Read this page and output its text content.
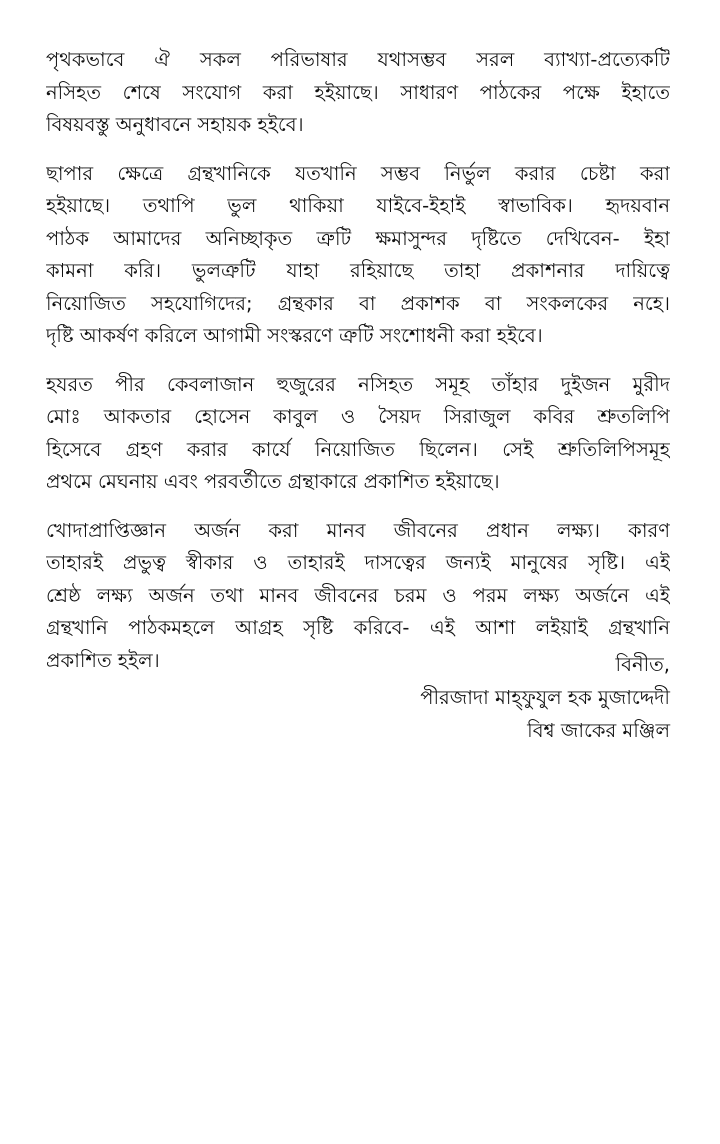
পৃথকভাবে ঐ সকল পরিভাষার যথাসম্ভব সরল ব্যাখ্যা-প্রত্যেকটি
নসিহত শেষে সংযোগ করা হইয়াছে। সাধারণ পাঠকের পক্ষে ইহাতে
বিষয়বস্তু অনুধাবনে সহায়ক হইবে।

ছাপার ক্ষেত্রে গ্রন্থখানিকে যতখানি সম্ভব নির্ভুল করার চেষ্টা করা
হইয়াছে। তথাপি ভুল থাকিয়া যাইবে-ইহাই স্বাভাবিক। হৃদয়বান
পাঠক আমাদের অনিচ্ছাকৃত ত্রুটি ক্ষমাসুন্দর দৃষ্টিতে দেখিবেন- ইহা
কামনা করি। ভুলত্রুটি যাহা রহিয়াছে তাহা প্রকাশনার দায়িত্বে
নিয়োজিত সহযোগিদের; গ্রন্থকার বা প্রকাশক বা সংকলকের নহে।
দৃষ্টি আকর্ষণ করিলে আগামী সংস্করণে ত্রুটি সংশোধনী করা হইবে।

হযরত পীর কেবলাজান হুজুরের নসিহত সমূহ তাঁহার দুইজন মুরীদ
মোঃ আকতার হোসেন কাবুল ও সৈয়দ সিরাজুল কবির শ্রুতলিপি
হিসেবে গ্রহণ করার কার্যে নিয়োজিত ছিলেন। সেই শ্রুতিলিপিসমূহ
প্রথমে মেঘনায় এবং পরবর্তীতে গ্রন্থাকারে প্রকাশিত হইয়াছে।

খোদাপ্রাপ্তিজ্ঞান অর্জন করা মানব জীবনের প্রধান লক্ষ্য। কারণ
তাহারই প্রভুত্ব স্বীকার ও তাহারই দাসত্বের জন্যই মানুষের সৃষ্টি। এই
শ্রেষ্ঠ লক্ষ্য অর্জন তথা মানব জীবনের চরম ও পরম লক্ষ্য অর্জনে এই
গ্রন্থখানি পাঠকমহলে আগ্রহ সৃষ্টি করিবে- এই আশা লইয়াই গ্রন্থখানি
প্রকাশিত হইল।	বিনীত,
পীরজাদা মাহ্‌ফুযুল হক মুজাদ্দেদী
বিশ্ব জাকের মঞ্জিল
